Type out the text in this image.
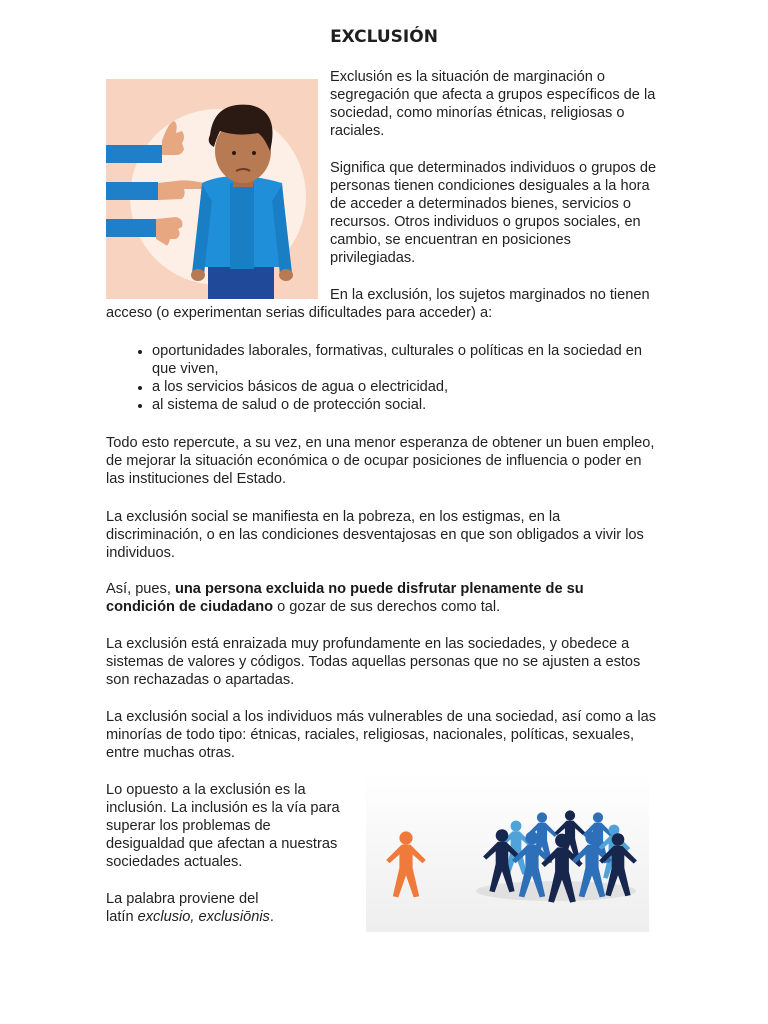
EXCLUSIÓN

Exclusión es la situación de marginación o segregación que afecta a grupos específicos de la sociedad, como minorías étnicas, religiosas o raciales.

Significa que determinados individuos o grupos de personas tienen condiciones desiguales a la hora de acceder a determinados bienes, servicios o recursos. Otros individuos o grupos sociales, en cambio, se encuentran en posiciones privilegiadas.

En la exclusión, los sujetos marginados no tienen

acceso (o experimentan serias dificultades para acceder) a:

• oportunidades laborales, formativas, culturales o políticas en la sociedad en que viven,
• a los servicios básicos de agua o electricidad,
• al sistema de salud o de protección social.

Todo esto repercute, a su vez, en una menor esperanza de obtener un buen empleo, de mejorar la situación económica o de ocupar posiciones de influencia o poder en las instituciones del Estado.

La exclusión social se manifiesta en la pobreza, en los estigmas, en la discriminación, o en las condiciones desventajosas en que son obligados a vivir los individuos.

Así, pues, una persona excluida no puede disfrutar plenamente de su condición de ciudadano o gozar de sus derechos como tal.

La exclusión está enraizada muy profundamente en las sociedades, y obedece a sistemas de valores y códigos. Todas aquellas personas que no se ajusten a estos son rechazadas o apartadas.

La exclusión social a los individuos más vulnerables de una sociedad, así como a las minorías de todo tipo: étnicas, raciales, religiosas, nacionales, políticas, sexuales, entre muchas otras.

Lo opuesto a la exclusión es la inclusión. La inclusión es la vía para superar los problemas de desigualdad que afectan a nuestras sociedades actuales.

La palabra proviene del
latín exclusio, exclusiōnis.
